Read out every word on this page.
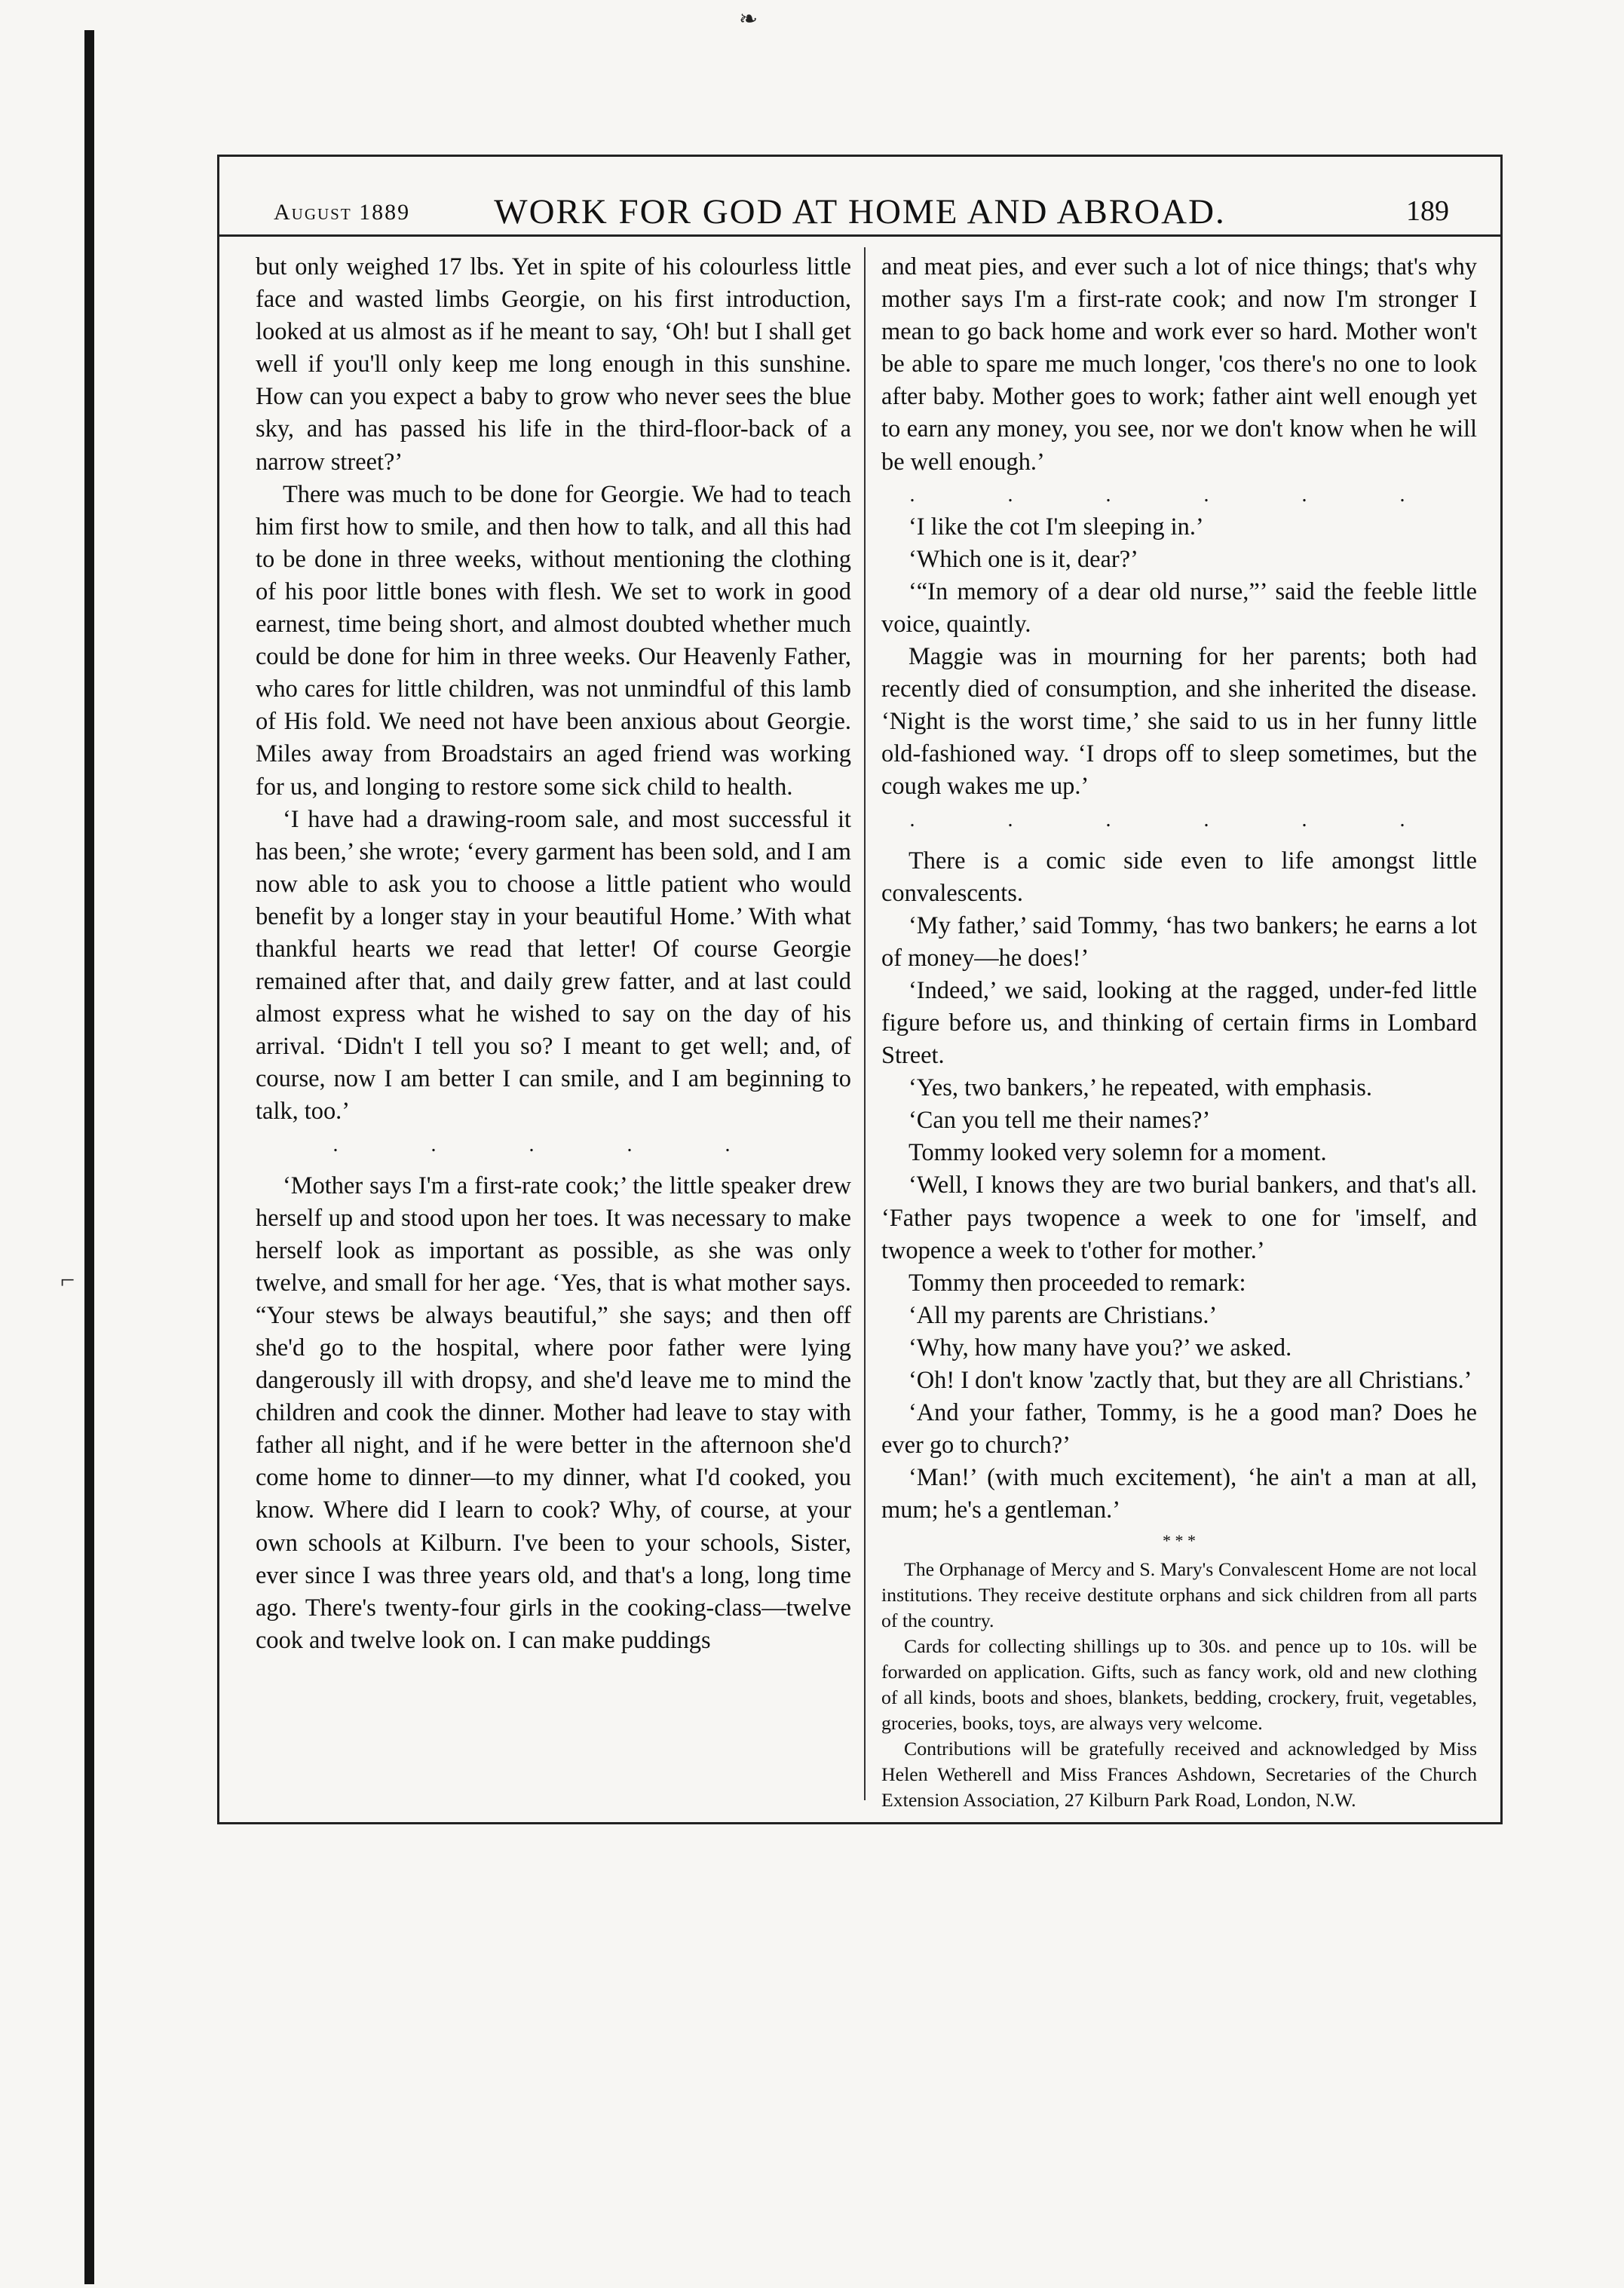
❧
⌐
August 1889	WORK FOR GOD AT HOME AND ABROAD.	189

but only weighed 17 lbs. Yet in spite of his colourless little face and wasted limbs Georgie, on his first introduction, looked at us almost as if he meant to say, ‘Oh! but I shall get well if you'll only keep me long enough in this sunshine. How can you expect a baby to grow who never sees the blue sky, and has passed his life in the third-floor-back of a narrow street?’

There was much to be done for Georgie. We had to teach him first how to smile, and then how to talk, and all this had to be done in three weeks, without mentioning the clothing of his poor little bones with flesh. We set to work in good earnest, time being short, and almost doubted whether much could be done for him in three weeks. Our Heavenly Father, who cares for little children, was not unmindful of this lamb of His fold. We need not have been anxious about Georgie. Miles away from Broadstairs an aged friend was working for us, and longing to restore some sick child to health.

‘I have had a drawing-room sale, and most successful it has been,’ she wrote; ‘every garment has been sold, and I am now able to ask you to choose a little patient who would benefit by a longer stay in your beautiful Home.’ With what thankful hearts we read that letter! Of course Georgie remained after that, and daily grew fatter, and at last could almost express what he wished to say on the day of his arrival. ‘Didn't I tell you so? I meant to get well; and, of course, now I am better I can smile, and I am beginning to talk, too.’

. . . . .

‘Mother says I'm a first-rate cook;’ the little speaker drew herself up and stood upon her toes. It was necessary to make herself look as important as possible, as she was only twelve, and small for her age. ‘Yes, that is what mother says. “Your stews be always beautiful,” she says; and then off she'd go to the hospital, where poor father were lying dangerously ill with dropsy, and she'd leave me to mind the children and cook the dinner. Mother had leave to stay with father all night, and if he were better in the afternoon she'd come home to dinner—to my dinner, what I'd cooked, you know. Where did I learn to cook? Why, of course, at your own schools at Kilburn. I've been to your schools, Sister, ever since I was three years old, and that's a long, long time ago. There's twenty-four girls in the cooking-class—twelve cook and twelve look on. I can make puddings

and meat pies, and ever such a lot of nice things; that's why mother says I'm a first-rate cook; and now I'm stronger I mean to go back home and work ever so hard. Mother won't be able to spare me much longer, 'cos there's no one to look after baby. Mother goes to work; father aint well enough yet to earn any money, you see, nor we don't know when he will be well enough.’

. . . . . .

‘I like the cot I'm sleeping in.’

‘Which one is it, dear?’

‘“In memory of a dear old nurse,”’ said the feeble little voice, quaintly.

Maggie was in mourning for her parents; both had recently died of consumption, and she inherited the disease. ‘Night is the worst time,’ she said to us in her funny little old-fashioned way. ‘I drops off to sleep sometimes, but the cough wakes me up.’

. . . . . .

There is a comic side even to life amongst little convalescents.

‘My father,’ said Tommy, ‘has two bankers; he earns a lot of money—he does!’

‘Indeed,’ we said, looking at the ragged, under-fed little figure before us, and thinking of certain firms in Lombard Street.

‘Yes, two bankers,’ he repeated, with emphasis.

‘Can you tell me their names?’

Tommy looked very solemn for a moment.

‘Well, I knows they are two burial bankers, and that's all. ‘Father pays twopence a week to one for 'imself, and twopence a week to t'other for mother.’

Tommy then proceeded to remark:

‘All my parents are Christians.’

‘Why, how many have you?’ we asked.

‘Oh! I don't know 'zactly that, but they are all Christians.’

‘And your father, Tommy, is he a good man? Does he ever go to church?’

‘Man!’ (with much excitement), ‘he ain't a man at all, mum; he's a gentleman.’

* * *

The Orphanage of Mercy and S. Mary's Convalescent Home are not local institutions. They receive destitute orphans and sick children from all parts of the country.

Cards for collecting shillings up to 30s. and pence up to 10s. will be forwarded on application. Gifts, such as fancy work, old and new clothing of all kinds, boots and shoes, blankets, bedding, crockery, fruit, vegetables, groceries, books, toys, are always very welcome.

Contributions will be gratefully received and acknowledged by Miss Helen Wetherell and Miss Frances Ashdown, Secretaries of the Church Extension Association, 27 Kilburn Park Road, London, N.W.
